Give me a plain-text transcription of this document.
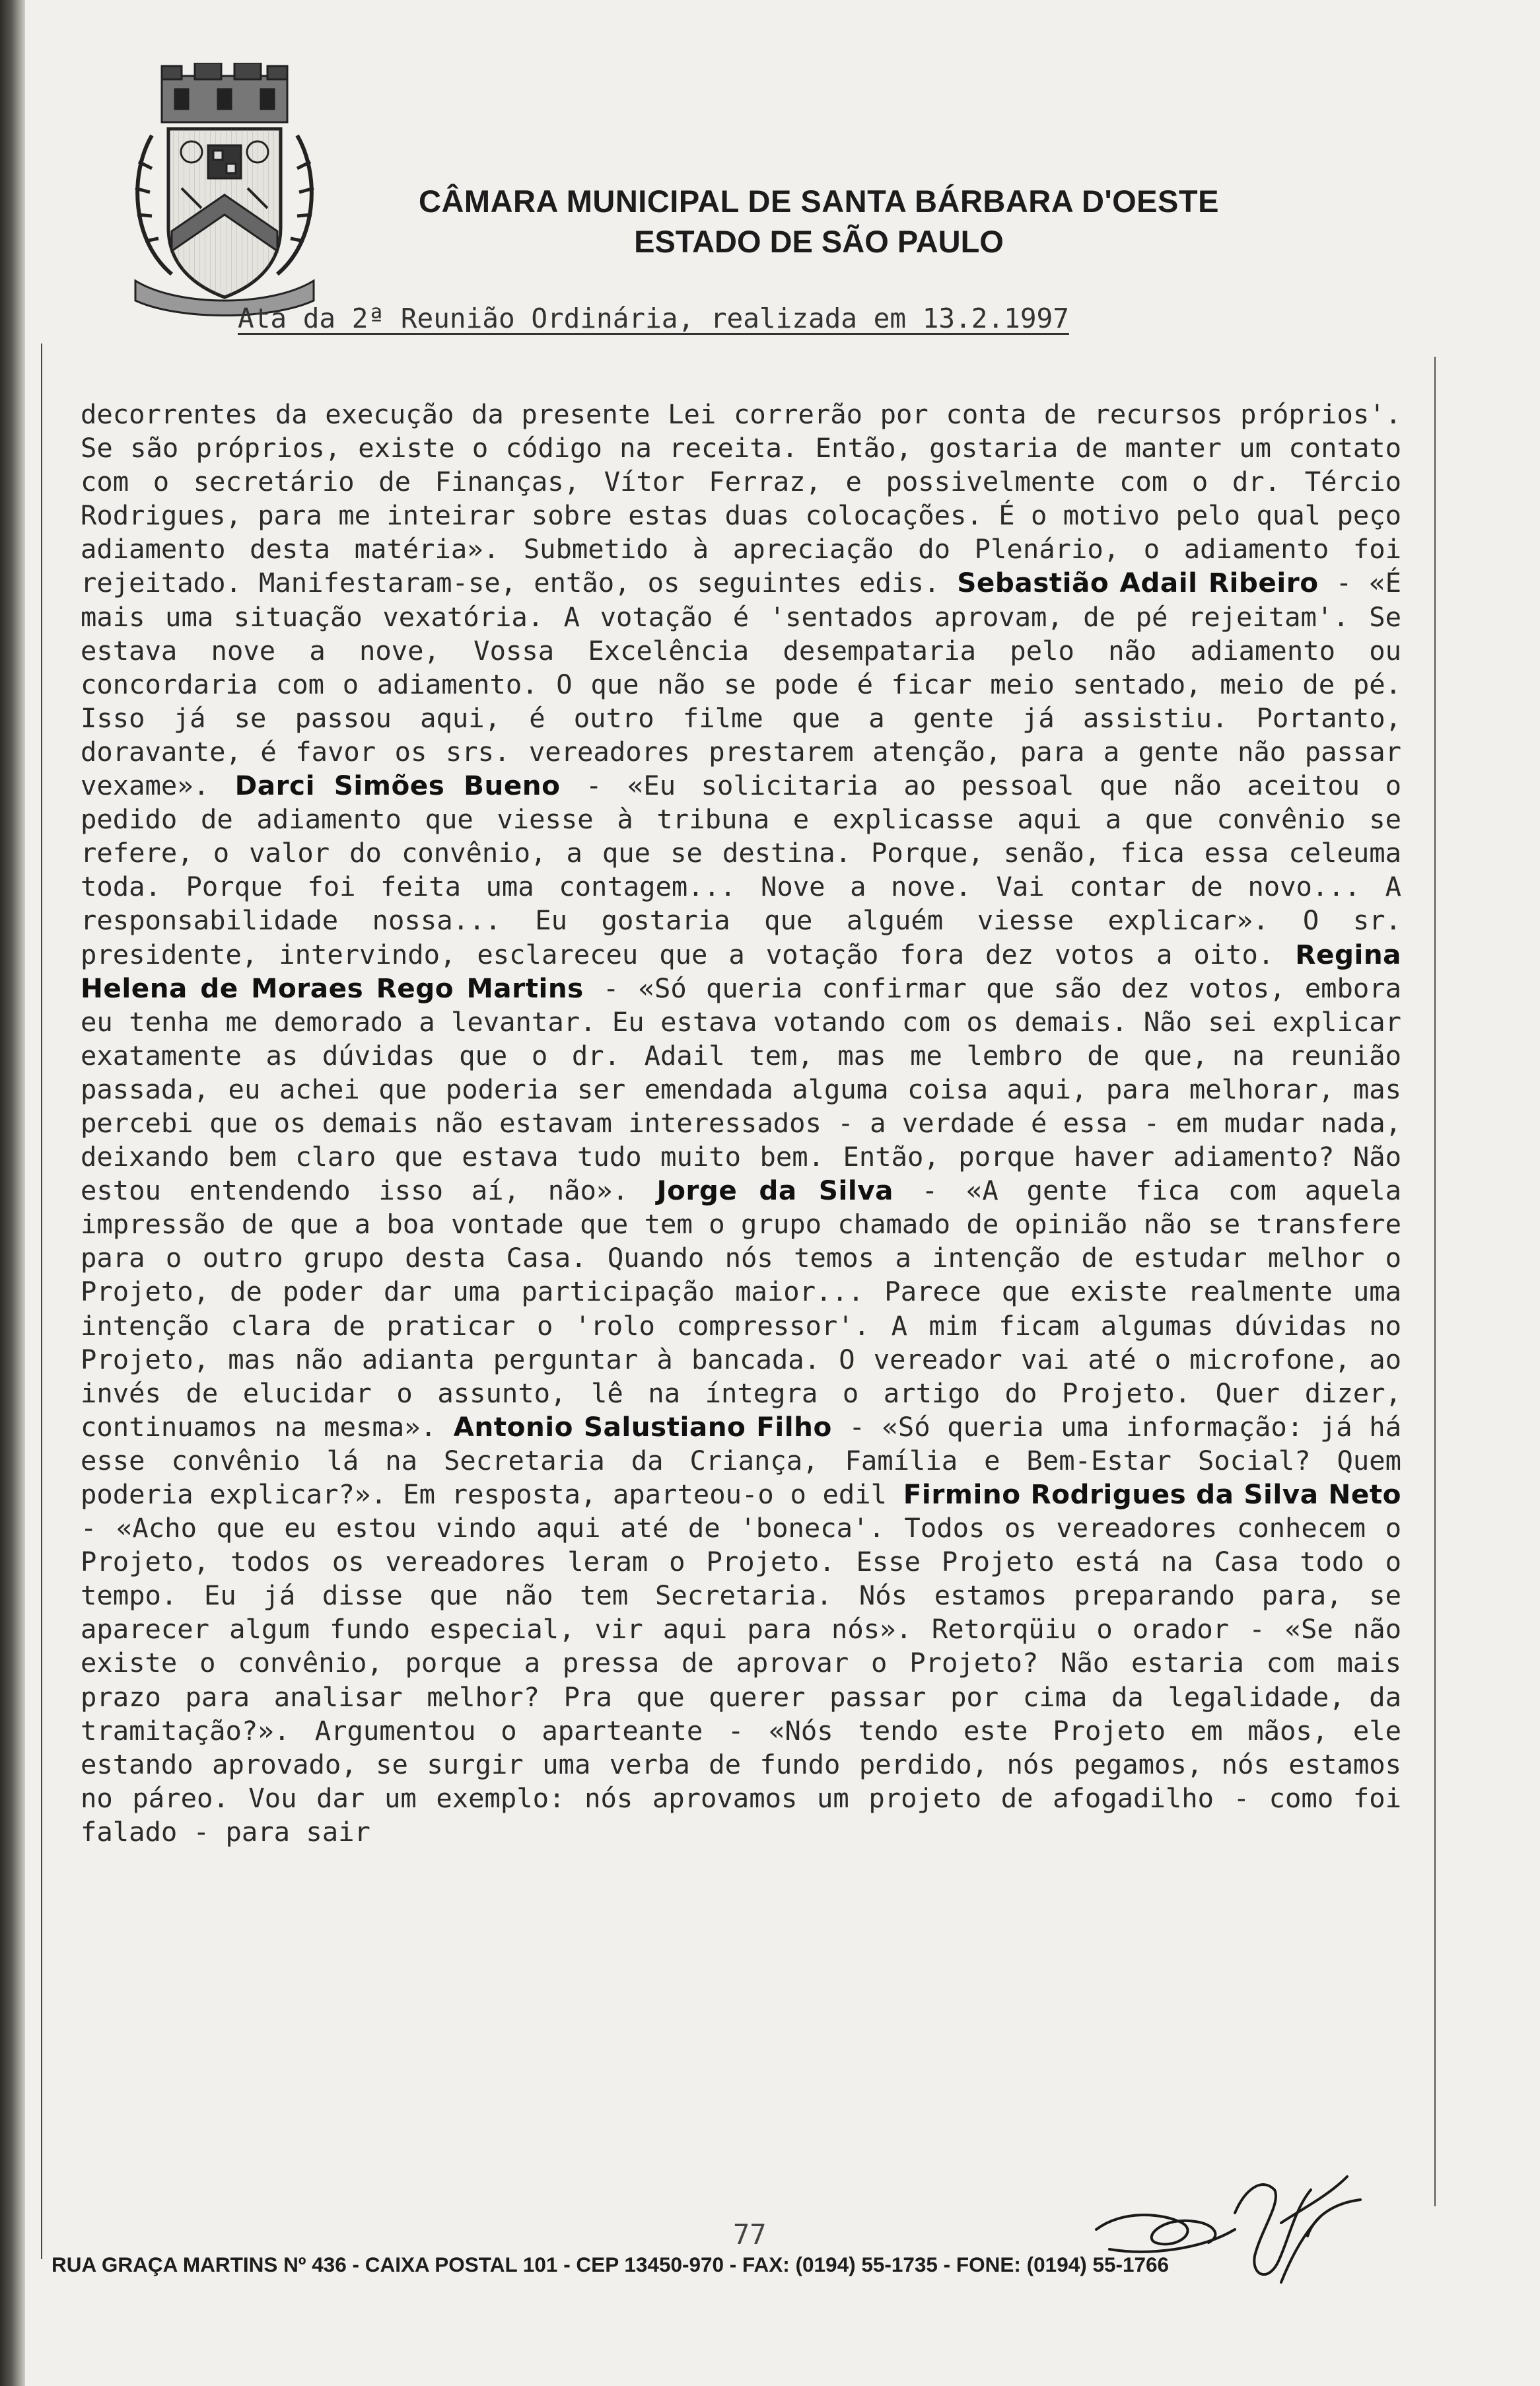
CÂMARA MUNICIPAL DE SANTA BÁRBARA D'OESTE
ESTADO DE SÃO PAULO
Ata da 2ª Reunião Ordinária, realizada em 13.2.1997
decorrentes da execução da presente Lei correrão por conta de recursos próprios'. Se são próprios, existe o código na receita. Então, gostaria de manter um contato com o secretário de Finanças, Vítor Ferraz, e possivelmente com o dr. Tércio Rodrigues, para me inteirar sobre estas duas colocações. É o motivo pelo qual peço adiamento desta matéria». Submetido à apreciação do Plenário, o adiamento foi rejeitado. Manifestaram-se, então, os seguintes edis. Sebastião Adail Ribeiro - «É mais uma situação vexatória. A votação é 'sentados aprovam, de pé rejeitam'. Se estava nove a nove, Vossa Excelência desempataria pelo não adiamento ou concordaria com o adiamento. O que não se pode é ficar meio sentado, meio de pé. Isso já se passou aqui, é outro filme que a gente já assistiu. Portanto, doravante, é favor os srs. vereadores prestarem atenção, para a gente não passar vexame». Darci Simões Bueno - «Eu solicitaria ao pessoal que não aceitou o pedido de adiamento que viesse à tribuna e explicasse aqui a que convênio se refere, o valor do convênio, a que se destina. Porque, senão, fica essa celeuma toda. Porque foi feita uma contagem... Nove a nove. Vai contar de novo... A responsabilidade nossa... Eu gostaria que alguém viesse explicar». O sr. presidente, intervindo, esclareceu que a votação fora dez votos a oito. Regina Helena de Moraes Rego Martins - «Só queria confirmar que são dez votos, embora eu tenha me demorado a levantar. Eu estava votando com os demais. Não sei explicar exatamente as dúvidas que o dr. Adail tem, mas me lembro de que, na reunião passada, eu achei que poderia ser emendada alguma coisa aqui, para melhorar, mas percebi que os demais não estavam interessados - a verdade é essa - em mudar nada, deixando bem claro que estava tudo muito bem. Então, porque haver adiamento? Não estou entendendo isso aí, não». Jorge da Silva - «A gente fica com aquela impressão de que a boa vontade que tem o grupo chamado de opinião não se transfere para o outro grupo desta Casa. Quando nós temos a intenção de estudar melhor o Projeto, de poder dar uma participação maior... Parece que existe realmente uma intenção clara de praticar o 'rolo compressor'. A mim ficam algumas dúvidas no Projeto, mas não adianta perguntar à bancada. O vereador vai até o microfone, ao invés de elucidar o assunto, lê na íntegra o artigo do Projeto. Quer dizer, continuamos na mesma». Antonio Salustiano Filho - «Só queria uma informação: já há esse convênio lá na Secretaria da Criança, Família e Bem-Estar Social? Quem poderia explicar?». Em resposta, aparteou-o o edil Firmino Rodrigues da Silva Neto - «Acho que eu estou vindo aqui até de 'boneca'. Todos os vereadores conhecem o Projeto, todos os vereadores leram o Projeto. Esse Projeto está na Casa todo o tempo. Eu já disse que não tem Secretaria. Nós estamos preparando para, se aparecer algum fundo especial, vir aqui para nós». Retorqüiu o orador - «Se não existe o convênio, porque a pressa de aprovar o Projeto? Não estaria com mais prazo para analisar melhor? Pra que querer passar por cima da legalidade, da tramitação?». Argumentou o aparteante - «Nós tendo este Projeto em mãos, ele estando aprovado, se surgir uma verba de fundo perdido, nós pegamos, nós estamos no páreo. Vou dar um exemplo: nós aprovamos um projeto de afogadilho - como foi falado - para sair
77
RUA GRAÇA MARTINS Nº 436 - CAIXA POSTAL 101 - CEP 13450-970 - FAX: (0194) 55-1735 - FONE: (0194) 55-1766
